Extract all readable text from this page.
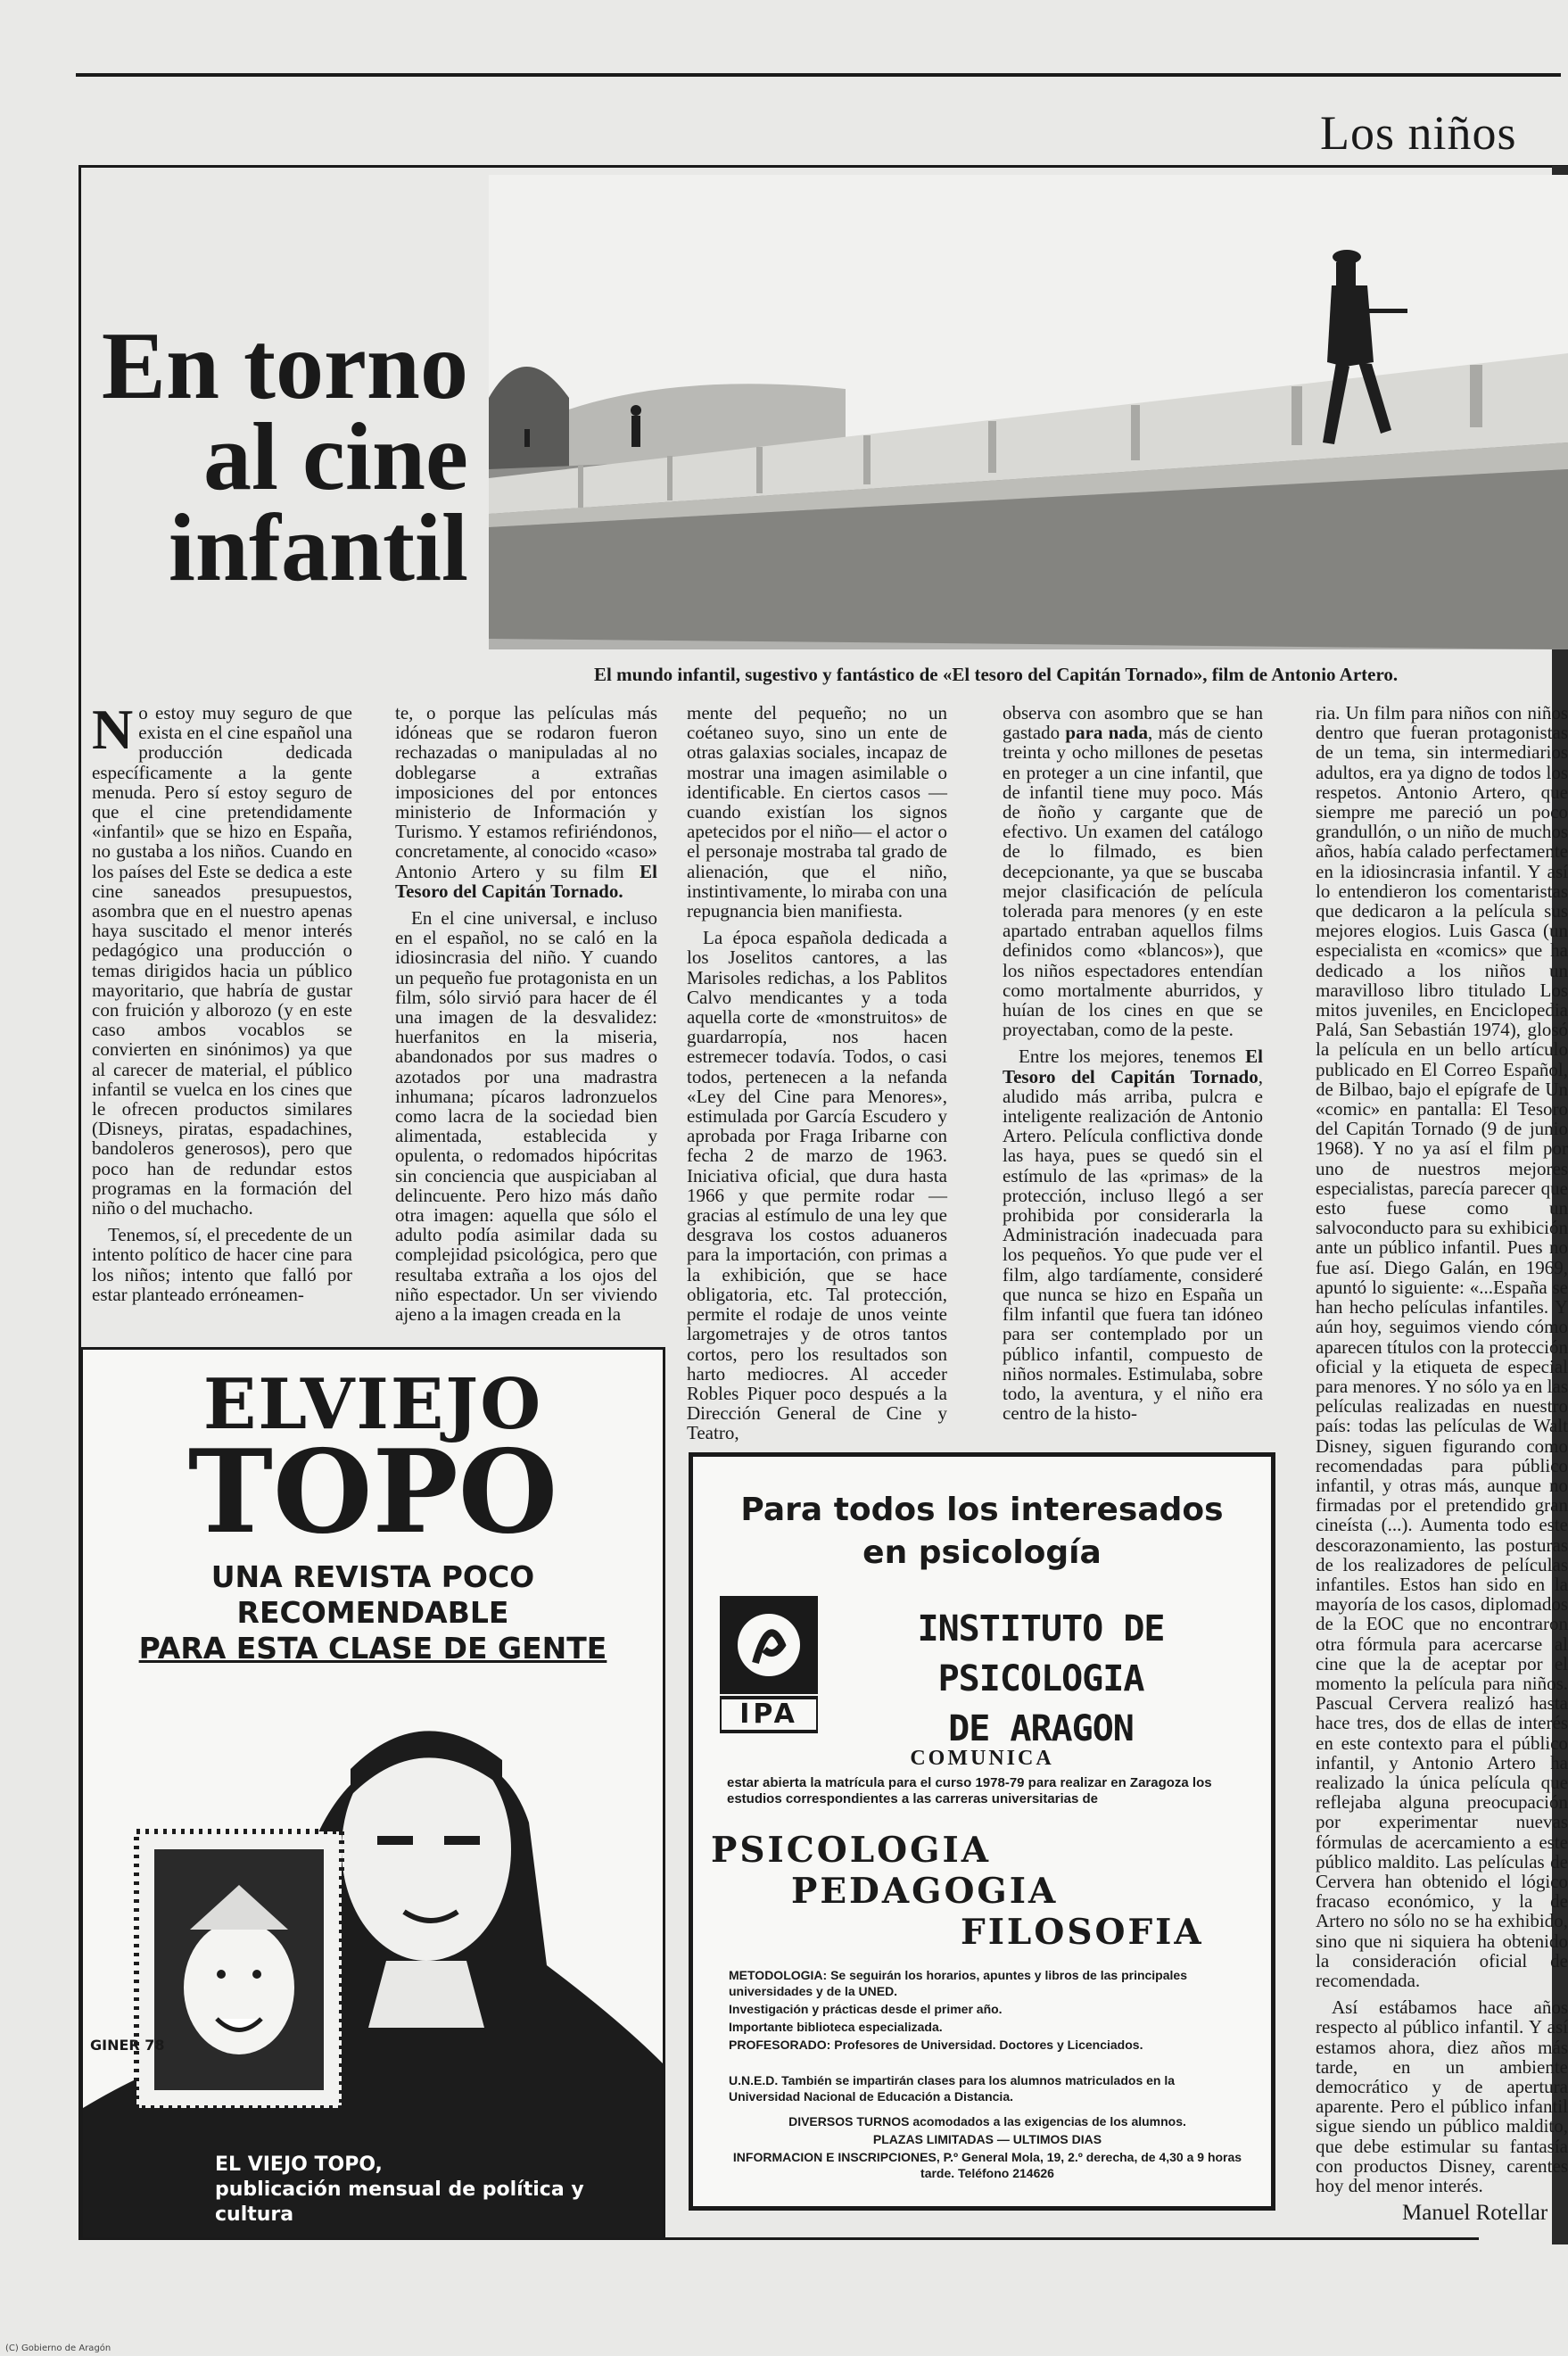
Los niños
En torno
al cine
infantil
El mundo infantil, sugestivo y fantástico de «El tesoro del Capitán Tornado», film de Antonio Artero.

No estoy muy seguro de que exista en el cine español una producción dedicada específicamente a la gente menuda. Pero sí estoy seguro de que el cine pretendidamente «infantil» que se hizo en España, no gustaba a los niños. Cuando en los países del Este se dedica a este cine saneados presupuestos, asombra que en el nuestro apenas haya suscitado el menor interés pedagógico una producción o temas dirigidos hacia un público mayoritario, que habría de gustar con fruición y alborozo (y en este caso ambos vocablos se convierten en sinónimos) ya que al carecer de material, el público infantil se vuelca en los cines que le ofrecen productos similares (Disneys, piratas, espadachines, bandoleros generosos), pero que poco han de redundar estos programas en la formación del niño o del muchacho.

Tenemos, sí, el precedente de un intento político de hacer cine para los niños; intento que falló por estar planteado erróneamen-

te, o porque las películas más idóneas que se rodaron fueron rechazadas o manipuladas al no doblegarse a extrañas imposiciones del por entonces ministerio de Información y Turismo. Y estamos refiriéndonos, concretamente, al conocido «caso» Antonio Artero y su film El Tesoro del Capitán Tornado.

En el cine universal, e incluso en el español, no se caló en la idiosincrasia del niño. Y cuando un pequeño fue protagonista en un film, sólo sirvió para hacer de él una imagen de la desvalidez: huerfanitos en la miseria, abandonados por sus madres o azotados por una madrastra inhumana; pícaros ladronzuelos como lacra de la sociedad bien alimentada, establecida y opulenta, o redomados hipócritas sin conciencia que auspiciaban al delincuente. Pero hizo más daño otra imagen: aquella que sólo el adulto podía asimilar dada su complejidad psicológica, pero que resultaba extraña a los ojos del niño espectador. Un ser viviendo ajeno a la imagen creada en la

mente del pequeño; no un coétaneo suyo, sino un ente de otras galaxias sociales, incapaz de mostrar una imagen asimilable o identificable. En ciertos casos —cuando existían los signos apetecidos por el niño— el actor o el personaje mostraba tal grado de alienación, que el niño, instintivamente, lo miraba con una repugnancia bien manifiesta.

La época española dedicada a los Joselitos cantores, a las Marisoles redichas, a los Pablitos Calvo mendicantes y a toda aquella corte de «monstruitos» de guardarropía, nos hacen estremecer todavía. Todos, o casi todos, pertenecen a la nefanda «Ley del Cine para Menores», estimulada por García Escudero y aprobada por Fraga Iribarne con fecha 2 de marzo de 1963. Iniciativa oficial, que dura hasta 1966 y que permite rodar —gracias al estímulo de una ley que desgrava los costos aduaneros para la importación, con primas a la exhibición, que se hace obligatoria, etc. Tal protección, permite el rodaje de unos veinte largometrajes y de otros tantos cortos, pero los resultados son harto mediocres. Al acceder Robles Piquer poco después a la Dirección General de Cine y Teatro,

observa con asombro que se han gastado para nada, más de ciento treinta y ocho millones de pesetas en proteger a un cine infantil, que de infantil tiene muy poco. Más de ñoño y cargante que de efectivo. Un examen del catálogo de lo filmado, es bien decepcionante, ya que se buscaba mejor clasificación de película tolerada para menores (y en este apartado entraban aquellos films definidos como «blancos»), que los niños espectadores entendían como mortalmente aburridos, y huían de los cines en que se proyectaban, como de la peste.

Entre los mejores, tenemos El Tesoro del Capitán Tornado, aludido más arriba, pulcra e inteligente realización de Antonio Artero. Película conflictiva donde las haya, pues se quedó sin el estímulo de las «primas» de la protección, incluso llegó a ser prohibida por considerarla la Administración inadecuada para los pequeños. Yo que pude ver el film, algo tardíamente, consideré que nunca se hizo en España un film infantil que fuera tan idóneo para ser contemplado por un público infantil, compuesto de niños normales. Estimulaba, sobre todo, la aventura, y el niño era centro de la histo-

ria. Un film para niños con niños dentro que fueran protagonistas de un tema, sin intermediarios adultos, era ya digno de todos los respetos. Antonio Artero, que siempre me pareció un poco grandullón, o un niño de muchos años, había calado perfectamente en la idiosincrasia infantil. Y así lo entendieron los comentaristas que dedicaron a la película sus mejores elogios. Luis Gasca (un especialista en «comics» que ha dedicado a los niños un maravilloso libro titulado Los mitos juveniles, en Enciclopedia Palá, San Sebastián 1974), glosó la película en un bello artículo publicado en El Correo Español, de Bilbao, bajo el epígrafe de Un «comic» en pantalla: El Tesoro del Capitán Tornado (9 de junio 1968). Y no ya así el film por uno de nuestros mejores especialistas, parecía parecer que esto fuese como un salvoconducto para su exhibición ante un público infantil. Pues no fue así. Diego Galán, en 1969, apuntó lo siguiente: «...España se han hecho películas infantiles. Y aún hoy, seguimos viendo cómo aparecen títulos con la protección oficial y la etiqueta de especial para menores. Y no sólo ya en las películas realizadas en nuestro país: todas las películas de Walt Disney, siguen figurando como recomendadas para público infantil, y otras más, aunque no firmadas por el pretendido gran cineísta (...). Aumenta todo este descorazonamiento, las posturas de los realizadores de películas infantiles. Estos han sido en la mayoría de los casos, diplomados de la EOC que no encontraron otra fórmula para acercarse al cine que la de aceptar por el momento la película para niños. Pascual Cervera realizó hasta hace tres, dos de ellas de interés en este contexto para el público infantil, y Antonio Artero ha realizado la única película que reflejaba alguna preocupación por experimentar nuevas fórmulas de acercamiento a este público maldito. Las películas de Cervera han obtenido el lógico fracaso económico, y la de Artero no sólo no se ha exhibido, sino que ni siquiera ha obtenido la consideración oficial de recomendada.

Así estábamos hace años respecto al público infantil. Y así estamos ahora, diez años más tarde, en un ambiente democrático y de apertura aparente. Pero el público infantil sigue siendo un público maldito, que debe estimular su fantasía con productos Disney, carentes hoy del menor interés.

Manuel Rotellar
ELVIEJO
TOPO
UNA REVISTA POCO RECOMENDABLE
PARA ESTA CLASE DE GENTE
GINER 78
EL VIEJO TOPO,
publicación mensual de política y cultura
Para todos los interesados
en psicología
IPA
INSTITUTO DE PSICOLOGIA
DE ARAGON
COMUNICA
estar abierta la matrícula para el curso 1978-79 para realizar en Zaragoza los estudios correspondientes a las carreras universitarias de
PSICOLOGIA
PEDAGOGIA
FILOSOFIA
METODOLOGIA: Se seguirán los horarios, apuntes y libros de las principales universidades y de la UNED.
Investigación y prácticas desde el primer año.
Importante biblioteca especializada.
PROFESORADO: Profesores de Universidad. Doctores y Licenciados.
U.N.E.D. También se impartirán clases para los alumnos matriculados en la Universidad Nacional de Educación a Distancia.
DIVERSOS TURNOS acomodados a las exigencias de los alumnos.
PLAZAS LIMITADAS — ULTIMOS DIAS
INFORMACION E INSCRIPCIONES, P.º General Mola, 19, 2.º derecha, de 4,30 a 9 horas tarde. Teléfono 214626
(C) Gobierno de Aragón
